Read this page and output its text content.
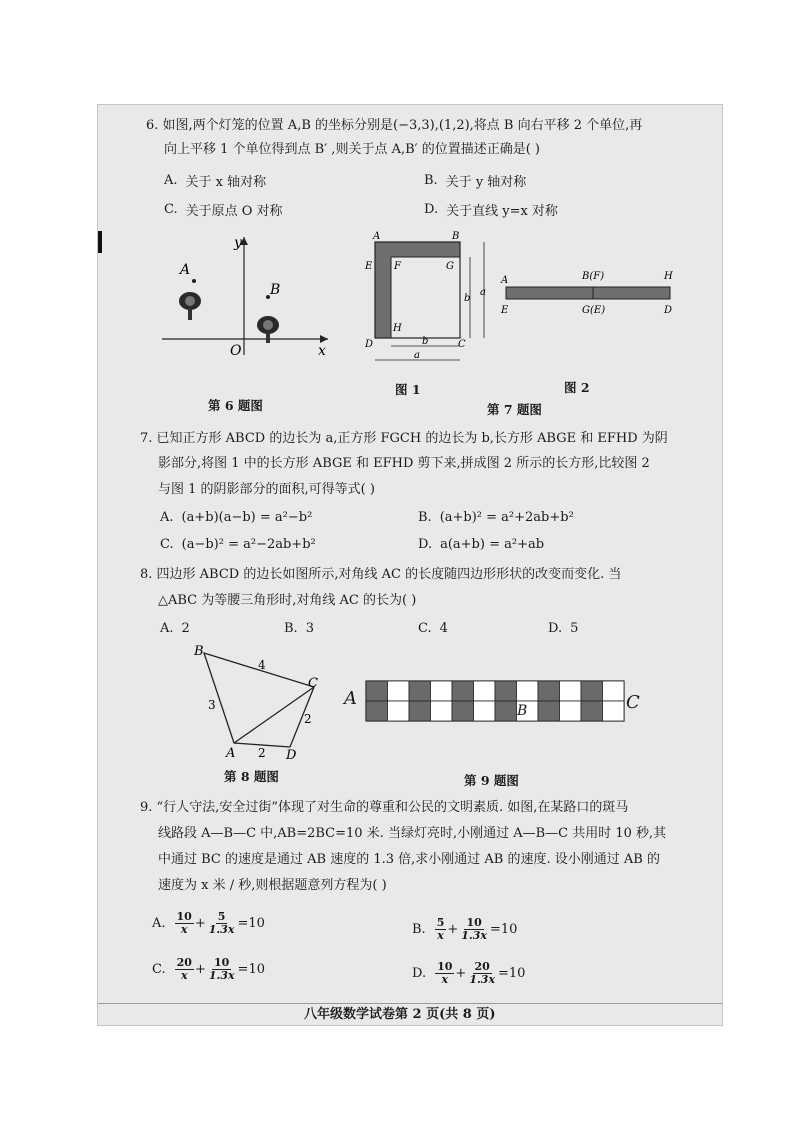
6. 如图,两个灯笼的位置 A,B 的坐标分别是(−3,3),(1,2),将点 B 向右平移 2 个单位,再
向上平移 1 个单位得到点 B′ ,则关于点 A,B′ 的位置描述正确是( )
A. 关于 x 轴对称	B. 关于 y 轴对称
C. 关于原点 O 对称	D. 关于直线 y=x 对称
y
x
O
A
B
第 6 题图
A	B
E F	G
H
D	C
b
a
b
a
图 1
A	B(F)	H
E	G(E)	D
图 2
第 7 题图
7. 已知正方形 ABCD 的边长为 a,正方形 FGCH 的边长为 b,长方形 ABGE 和 EFHD 为阴
影部分,将图 1 中的长方形 ABGE 和 EFHD 剪下来,拼成图 2 所示的长方形,比较图 2
与图 1 的阴影部分的面积,可得等式( )
A. (a+b)(a−b) = a²−b²	B. (a+b)² = a²+2ab+b²
C. (a−b)² = a²−2ab+b²	D. a(a+b) = a²+ab
8. 四边形 ABCD 的边长如图所示,对角线 AC 的长度随四边形形状的改变而变化. 当
△ABC 为等腰三角形时,对角线 AC 的长为( )
A. 2	B. 3	C. 4	D. 5
B
C
A	D
4
3
2
2
第 8 题图
A
B	C
第 9 题图
9. “行人守法,安全过街”体现了对生命的尊重和公民的文明素质. 如图,在某路口的斑马
线路段 A—B—C 中,AB=2BC=10 米. 当绿灯亮时,小刚通过 A—B—C 共用时 10 秒,其
中通过 BC 的速度是通过 AB 速度的 1.3 倍,求小刚通过 AB 的速度. 设小刚通过 AB 的
速度为 x 米 / 秒,则根据题意列方程为( )
A. $\frac{10}{x} + \frac{5}{1.3x} =10$	B. $\frac{5}{x} + \frac{10}{1.3x} =10$
C. $\frac{20}{x} + \frac{10}{1.3x} =10$	D. $\frac{10}{x} + \frac{20}{1.3x} =10$
八年级数学试卷第 2 页(共 8 页)
